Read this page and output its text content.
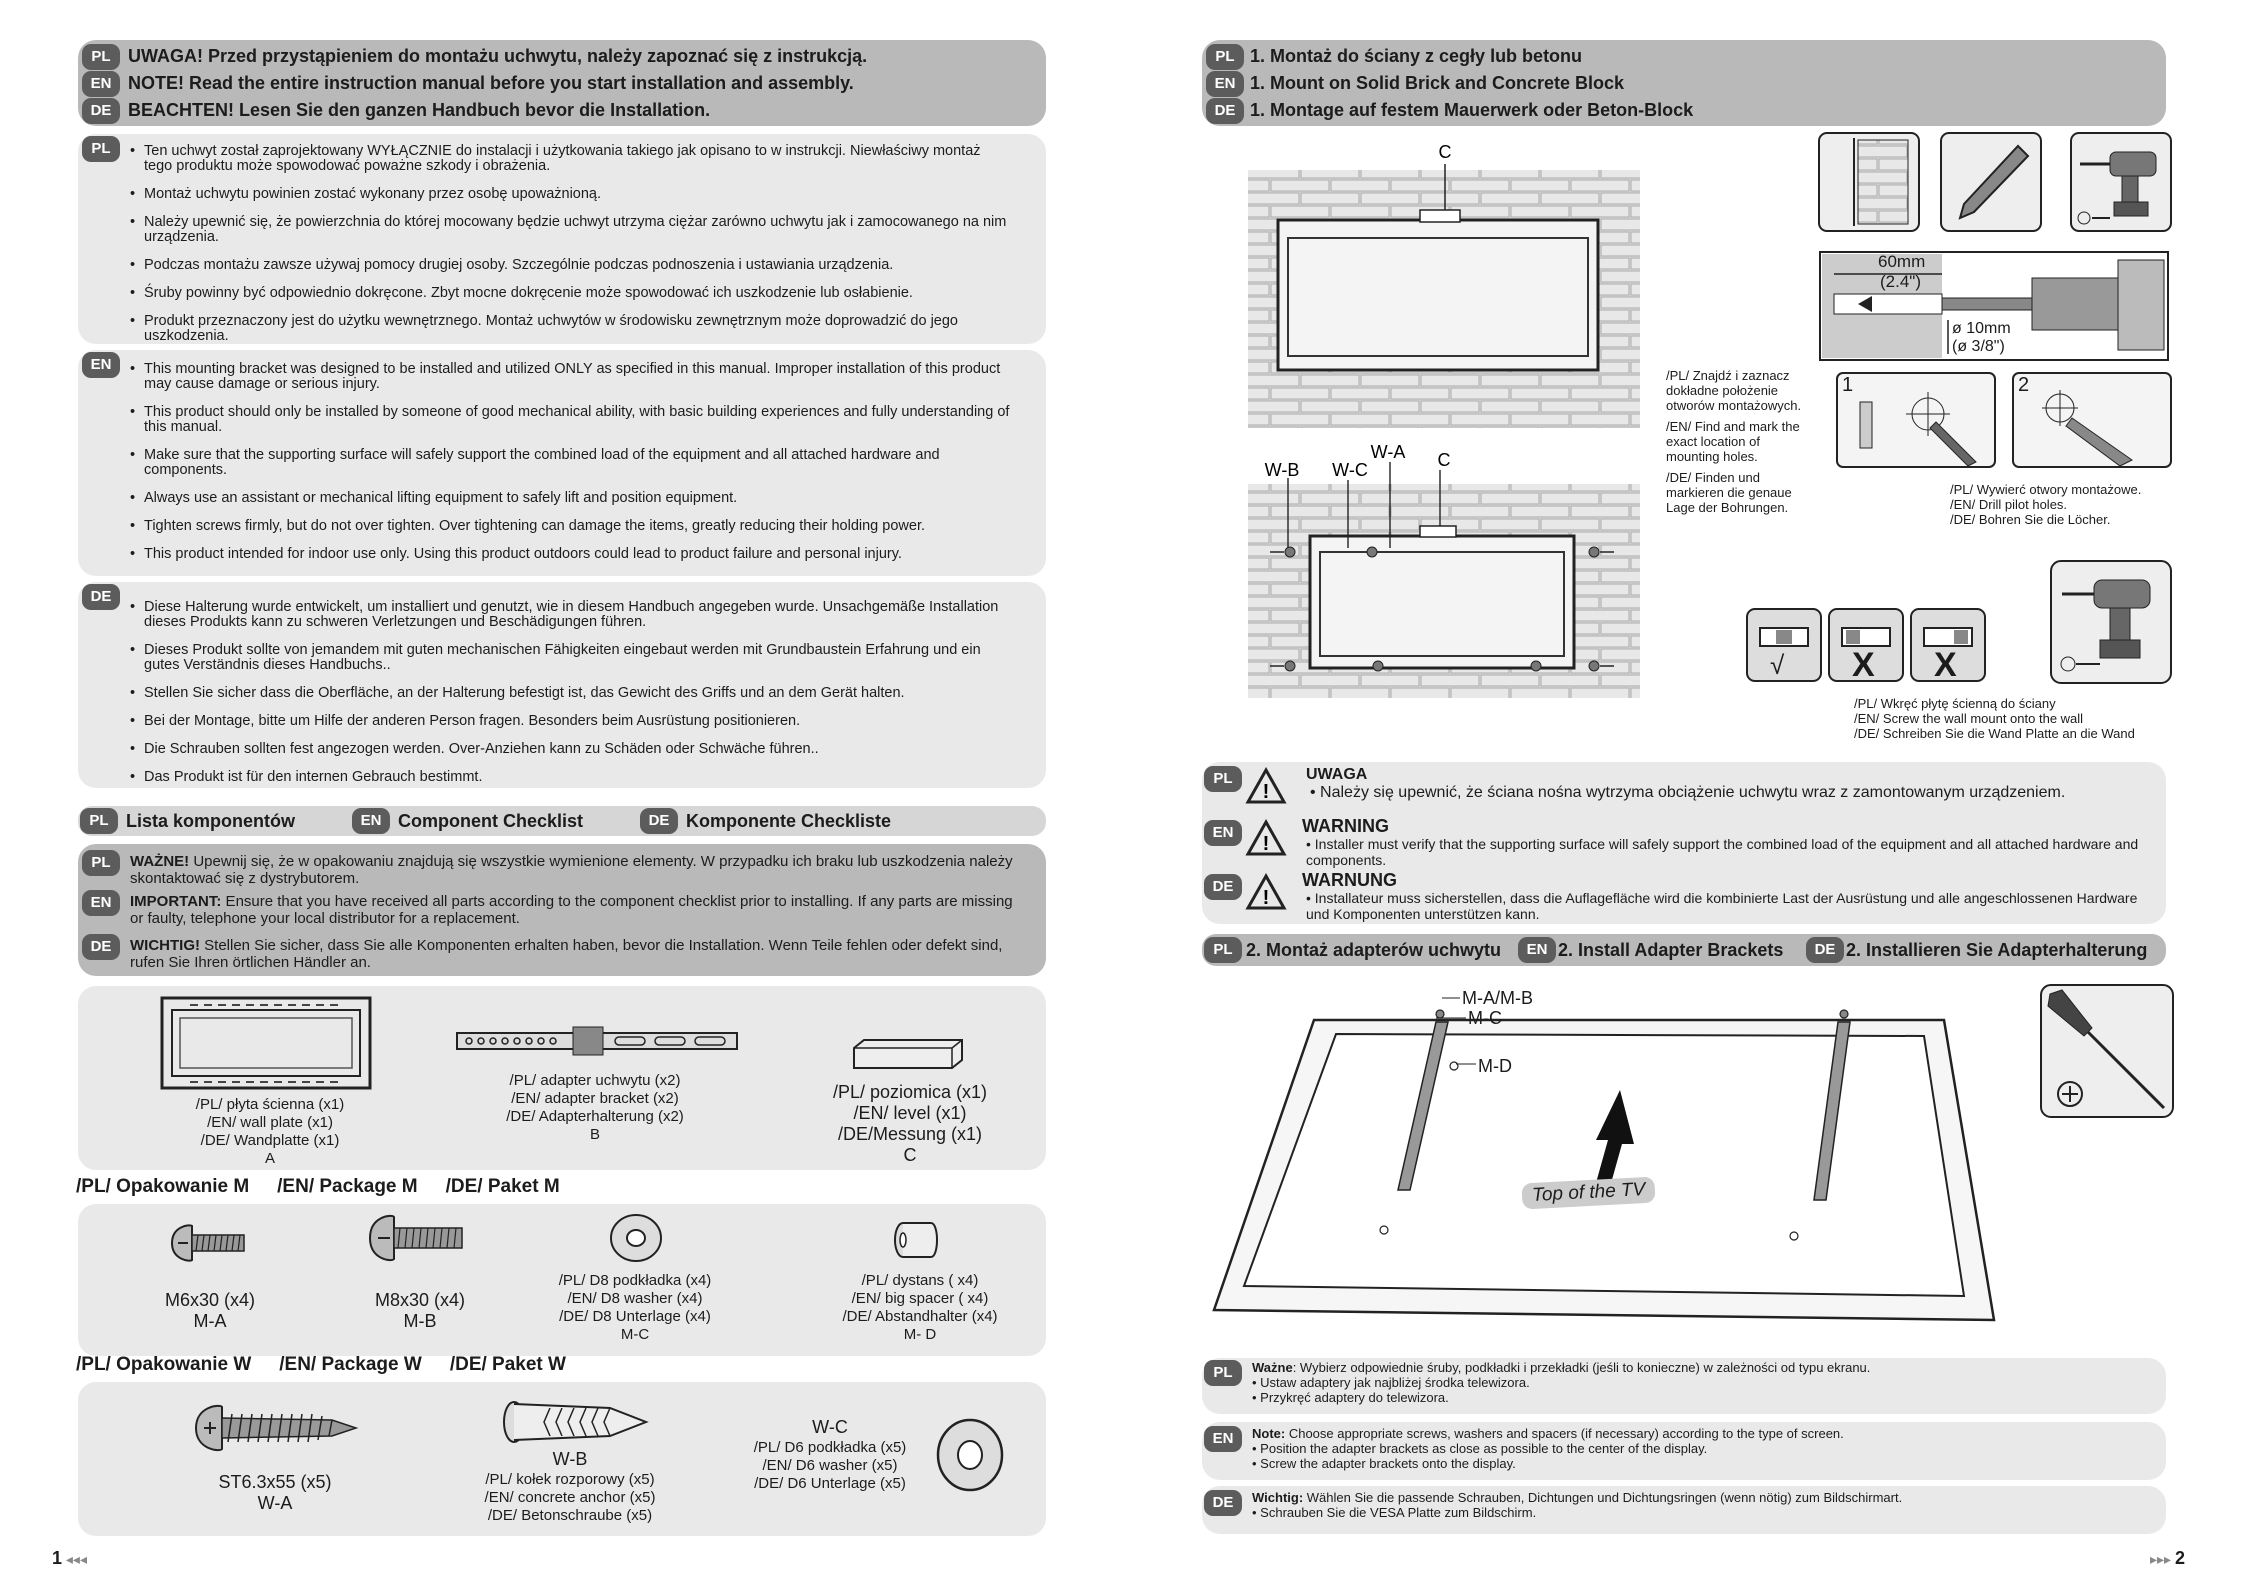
PL
EN
DE
UWAGA! Przed przystąpieniem do montażu uchwytu, należy zapoznać się z instrukcją.
NOTE! Read the entire instruction manual before you start installation and assembly.
BEACHTEN! Lesen Sie den ganzen Handbuch bevor die Installation.
PL	• Ten uchwyt został zaprojektowany WYŁĄCZNIE do instalacji i użytkowania takiego jak opisano to w instrukcji. Niewłaściwy montaż tego produktu może spowodować poważne szkody i obrażenia.
• Montaż uchwytu powinien zostać wykonany przez osobę upoważnioną.
• Należy upewnić się, że powierzchnia do której mocowany będzie uchwyt utrzyma ciężar zarówno uchwytu jak i zamocowanego na nim urządzenia.
• Podczas montażu zawsze używaj pomocy drugiej osoby. Szczególnie podczas podnoszenia i ustawiania urządzenia.
• Śruby powinny być odpowiednio dokręcone. Zbyt mocne dokręcenie może spowodować ich uszkodzenie lub osłabienie.
• Produkt przeznaczony jest do użytku wewnętrznego. Montaż uchwytów w środowisku zewnętrznym może doprowadzić do jego uszkodzenia.
EN	• This mounting bracket was designed to be installed and utilized ONLY as specified in this manual. Improper installation of this product may cause damage or serious injury.
• This product should only be installed by someone of good mechanical ability, with basic building experiences and fully understanding of this manual.
• Make sure that the supporting surface will safely support the combined load of the equipment and all attached hardware and components.
• Always use an assistant or mechanical lifting equipment to safely lift and position equipment.
• Tighten screws firmly, but do not over tighten. Over tightening can damage the items, greatly reducing their holding power.
• This product intended for indoor use only. Using this product outdoors could lead to product failure and personal injury.
DE
• Diese Halterung wurde entwickelt, um installiert und genutzt, wie in diesem Handbuch angegeben wurde. Unsachgemäße Installation dieses Produkts kann zu schweren Verletzungen und Beschädigungen führen.
• Dieses Produkt sollte von jemandem mit guten mechanischen Fähigkeiten eingebaut werden mit Grundbaustein Erfahrung und ein gutes Verständnis dieses Handbuchs..
• Stellen Sie sicher dass die Oberfläche, an der Halterung befestigt ist, das Gewicht des Griffs und an dem Gerät halten.
• Bei der Montage, bitte um Hilfe der anderen Person fragen. Besonders beim Ausrüstung positionieren.
• Die Schrauben sollten fest angezogen werden. Over-Anziehen kann zu Schäden oder Schwäche führen..
• Das Produkt ist für den internen Gebrauch bestimmt.
PL Lista komponentów	EN Component Checklist	DE Komponente Checkliste
PL
EN
DE
WAŻNE! Upewnij się, że w opakowaniu znajdują się wszystkie wymienione elementy. W przypadku ich braku lub uszkodzenia należy skontaktować się z dystrybutorem.
IMPORTANT: Ensure that you have received all parts according to the component checklist prior to installing. If any parts are missing or faulty, telephone your local distributor for a replacement.
WICHTIG! Stellen Sie sicher, dass Sie alle Komponenten erhalten haben, bevor die Installation. Wenn Teile fehlen oder defekt sind, rufen Sie Ihren örtlichen Händler an.
/PL/ płyta ścienna (x1)
/EN/ wall plate (x1)
/DE/ Wandplatte (x1)
A
/PL/ adapter uchwytu (x2)
/EN/ adapter bracket (x2)
/DE/ Adapterhalterung (x2)
B
/PL/ poziomica (x1)
/EN/ level (x1)
/DE/Messung (x1)
C
/PL/ Opakowanie M /EN/ Package M /DE/ Paket M
M6x30 (x4)
M-A
M8x30 (x4)
M-B
/PL/ D8 podkładka (x4)
/EN/ D8 washer (x4)
/DE/ D8 Unterlage (x4)
M-C
/PL/ dystans ( x4)
/EN/ big spacer ( x4)
/DE/ Abstandhalter (x4)
M- D
/PL/ Opakowanie W /EN/ Package W /DE/ Paket W
ST6.3x55 (x5)
W-A
W-B
/PL/ kołek rozporowy (x5)
/EN/ concrete anchor (x5)
/DE/ Betonschraube (x5)
W-C
/PL/ D6 podkładka (x5)
/EN/ D6 washer (x5)
/DE/ D6 Unterlage (x5)
1 ◂◂◂
PL
EN
DE
1. Montaż do ściany z cegły lub betonu
1. Mount on Solid Brick and Concrete Block
1. Montage auf festem Mauerwerk oder Beton-Block
C
W-A
W-B W-C	C
60mm
(2.4")
ø 10mm
(ø 3/8")
/PL/ Znajdź i zaznacz
dokładne położenie
otworów montażowych.
/EN/ Find and mark the
exact location of
mounting holes.
/DE/ Finden und
markieren die genaue
Lage der Bohrungen.
1	2
/PL/ Wywierć otwory montażowe.
/EN/ Drill pilot holes.
/DE/ Bohren Sie die Löcher.
√ X X
/PL/ Wkręć płytę ścienną do ściany
/EN/ Screw the wall mount onto the wall
/DE/ Schreiben Sie die Wand Platte an die Wand
PL
EN
DE
!
!
!
UWAGA
• Należy się upewnić, że ściana nośna wytrzyma obciążenie uchwytu wraz z zamontowanym urządzeniem.
WARNING
• Installer must verify that the supporting surface will safely support the combined load of the equipment and all attached hardware and components.
WARNUNG
• Installateur muss sicherstellen, dass die Auflagefläche wird die kombinierte Last der Ausrüstung und alle angeschlossenen Hardware und Komponenten unterstützen kann.
PL 2. Montaż adapterów uchwytu	EN 2. Install Adapter Brackets	DE 2. Installieren Sie Adapterhalterung
M-A/M-B
M-C
M-D
Top of the TV
PL	Ważne: Wybierz odpowiednie śruby, podkładki i przekładki (jeśli to konieczne) w zależności od typu ekranu.
• Ustaw adaptery jak najbliżej środka telewizora.
• Przykręć adaptery do telewizora.
EN	Note: Choose appropriate screws, washers and spacers (if necessary) according to the type of screen.
• Position the adapter brackets as close as possible to the center of the display.
• Screw the adapter brackets onto the display.
DE	Wichtig: Wählen Sie die passende Schrauben, Dichtungen und Dichtungsringen (wenn nötig) zum Bildschirmart.
• Schrauben Sie die VESA Platte zum Bildschirm.
▸▸▸ 2
